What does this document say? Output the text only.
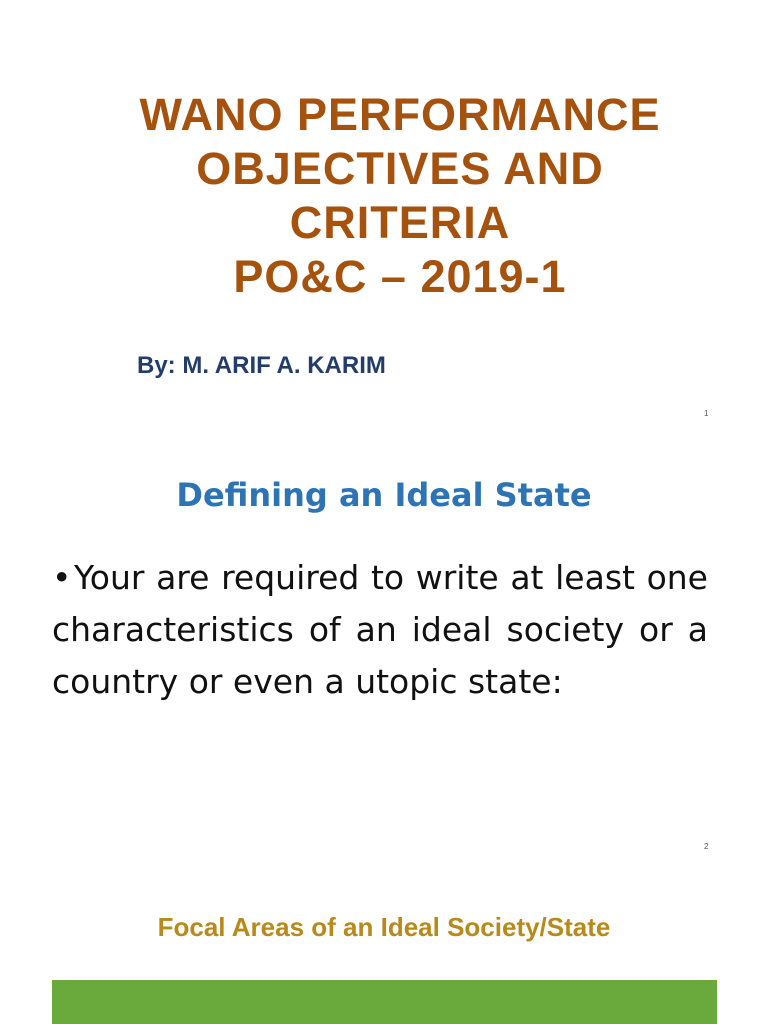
WANO PERFORMANCE
OBJECTIVES AND
CRITERIA
PO&C – 2019-1

By: M. ARIF A. KARIM

1
Defining an Ideal State

•Your are required to write at least one characteristics of an ideal society or a country or even a utopic state:

2
Focal Areas of an Ideal Society/State
